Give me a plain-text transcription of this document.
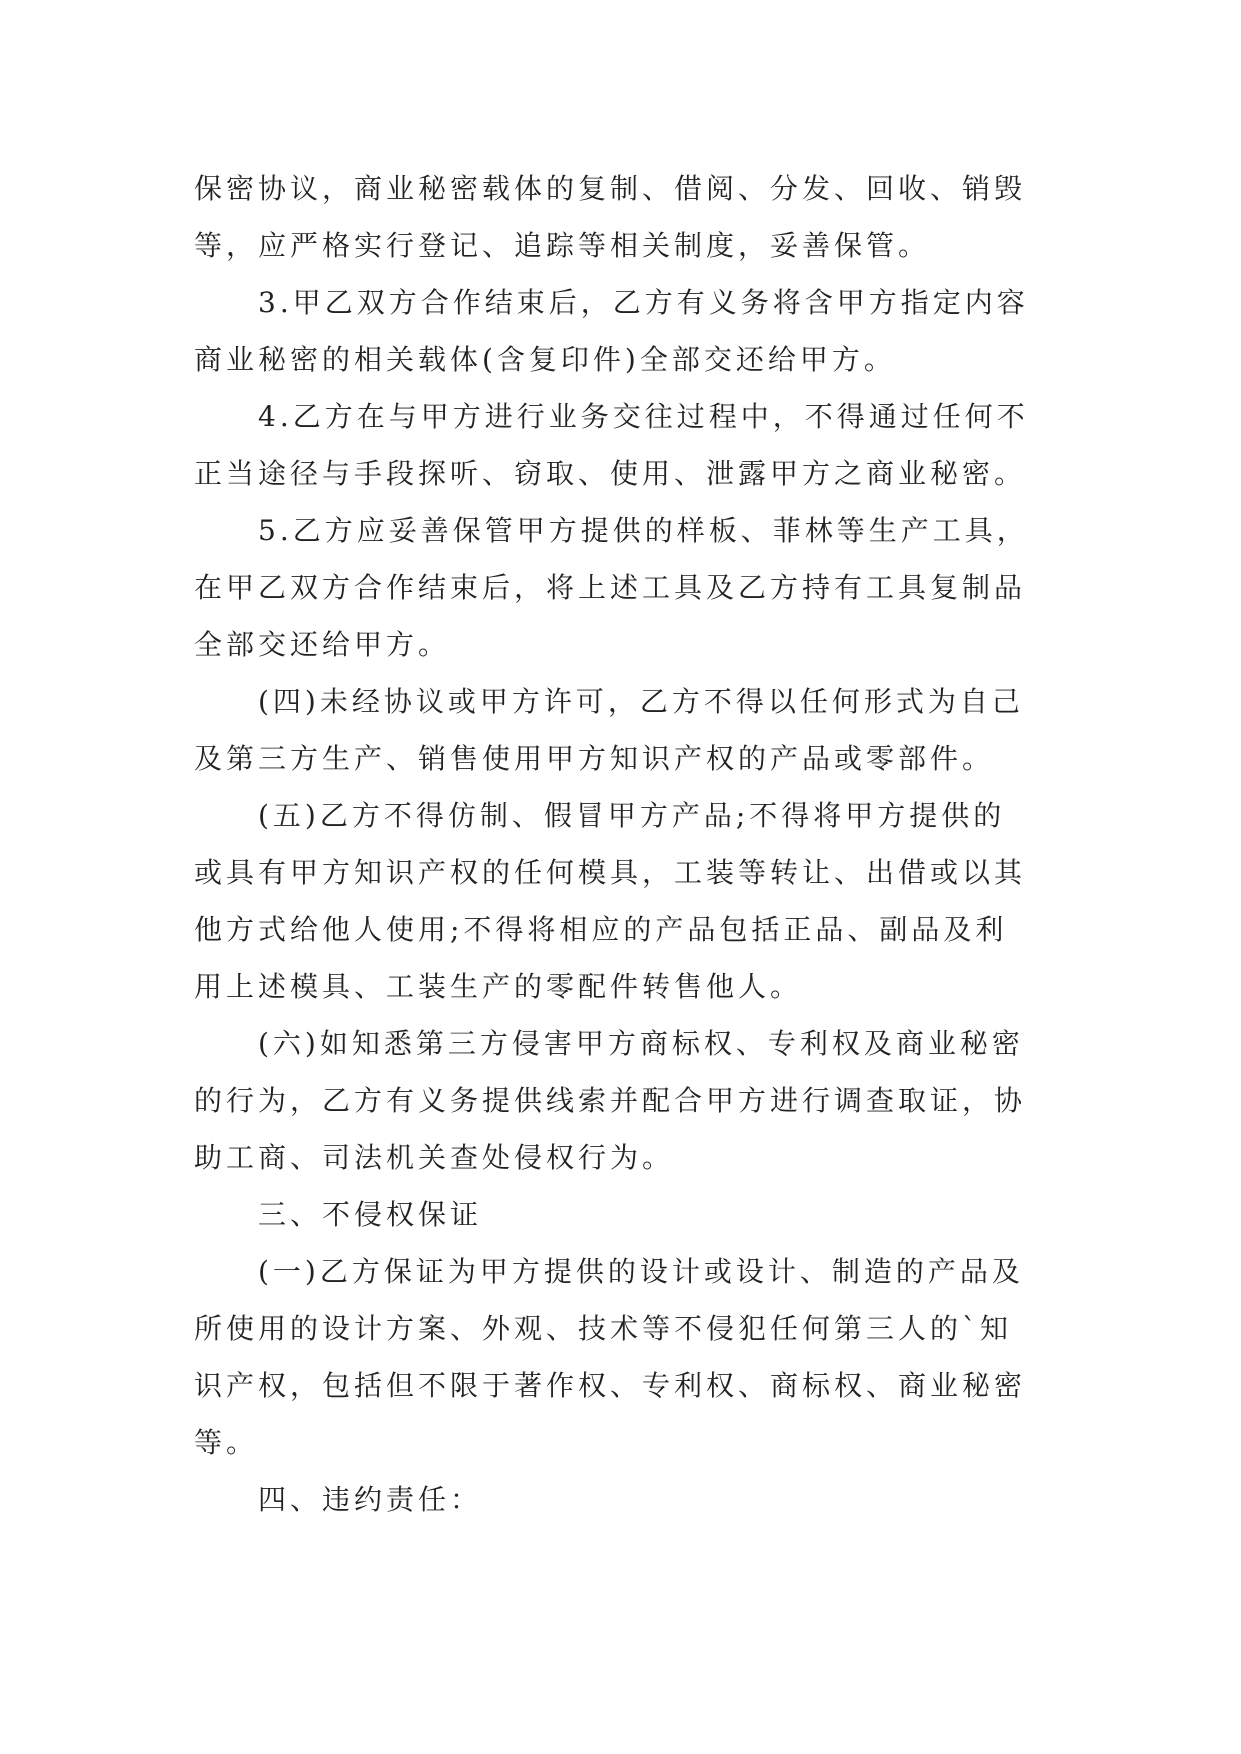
保密协议，商业秘密载体的复制、借阅、分发、回收、销毁
等，应严格实行登记、追踪等相关制度，妥善保管。
3.甲乙双方合作结束后，乙方有义务将含甲方指定内容
商业秘密的相关载体(含复印件)全部交还给甲方。
4.乙方在与甲方进行业务交往过程中，不得通过任何不
正当途径与手段探听、窃取、使用、泄露甲方之商业秘密。
5.乙方应妥善保管甲方提供的样板、菲林等生产工具，
在甲乙双方合作结束后，将上述工具及乙方持有工具复制品
全部交还给甲方。
(四)未经协议或甲方许可，乙方不得以任何形式为自己
及第三方生产、销售使用甲方知识产权的产品或零部件。
(五)乙方不得仿制、假冒甲方产品;不得将甲方提供的
或具有甲方知识产权的任何模具，工装等转让、出借或以其
他方式给他人使用;不得将相应的产品包括正品、副品及利
用上述模具、工装生产的零配件转售他人。
(六)如知悉第三方侵害甲方商标权、专利权及商业秘密
的行为，乙方有义务提供线索并配合甲方进行调查取证，协
助工商、司法机关查处侵权行为。
三、不侵权保证
(一)乙方保证为甲方提供的设计或设计、制造的产品及
所使用的设计方案、外观、技术等不侵犯任何第三人的`知
识产权，包括但不限于著作权、专利权、商标权、商业秘密
等。
四、违约责任：
